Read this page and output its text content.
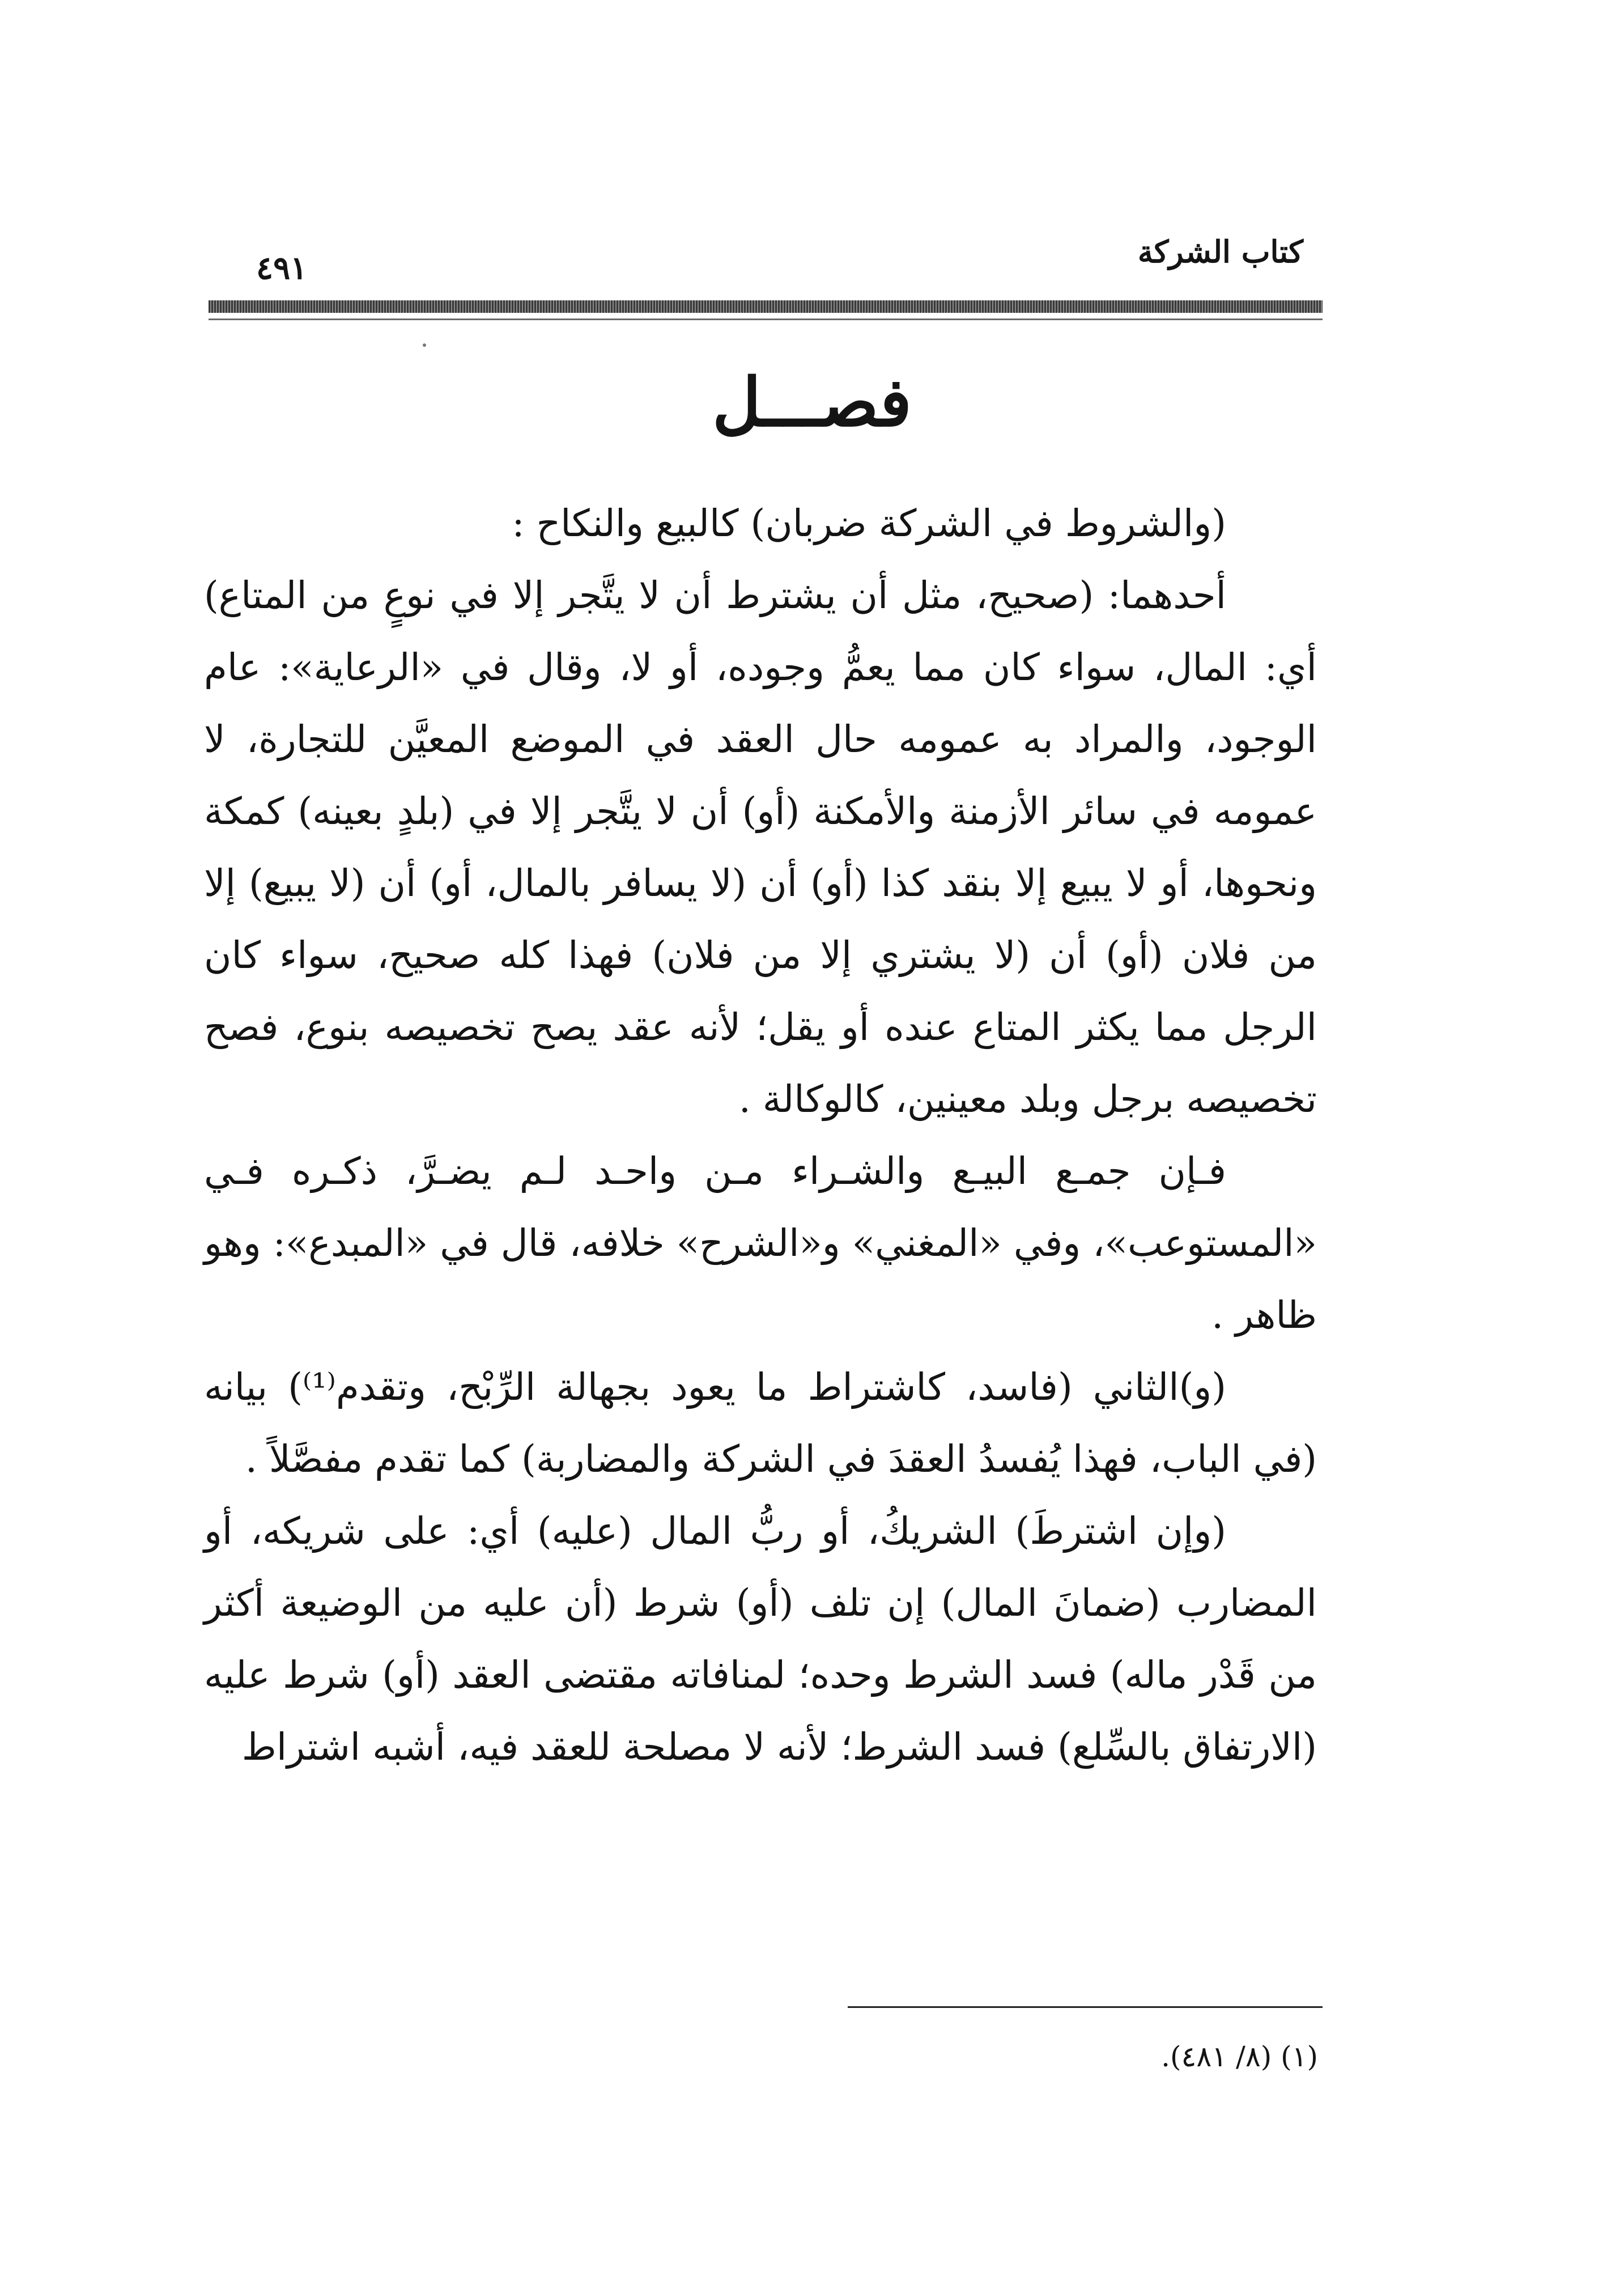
كتاب الشركة
٤٩١
فصـــل

(والشروط في الشركة ضربان) كالبيع والنكاح :

أحدهما: (صحيح، مثل أن يشترط أن لا يتَّجر إلا في نوعٍ من المتاع) أي: المال، سواء كان مما يعمُّ وجوده، أو لا، وقال في «الرعاية»: عام الوجود، والمراد به عمومه حال العقد في الموضع المعيَّن للتجارة، لا عمومه في سائر الأزمنة والأمكنة (أو) أن لا يتَّجر إلا في (بلدٍ بعينه) كمكة ونحوها، أو لا يبيع إلا بنقد كذا (أو) أن (لا يسافر بالمال، أو) أن (لا يبيع) إلا من فلان (أو) أن (لا يشتري إلا من فلان) فهذا كله صحيح، سواء كان الرجل مما يكثر المتاع عنده أو يقل؛ لأنه عقد يصح تخصيصه بنوع، فصح تخصيصه برجل وبلد معينين، كالوكالة .

فـإن جمـع البيـع والشـراء مـن واحـد لـم يضـرَّ، ذكـره فـي «المستوعب»، وفي «المغني» و«الشرح» خلافه، قال في «المبدع»: وهو ظاهر .

(و)الثاني (فاسد، كاشتراط ما يعود بجهالة الرِّبْح، وتقدم⁽¹⁾) بيانه (في الباب، فهذا يُفسدُ العقدَ في الشركة والمضاربة) كما تقدم مفصَّلاً .

(وإن اشترطَ) الشريكُ، أو ربُّ المال (عليه) أي: على شريكه، أو المضارب (ضمانَ المال) إن تلف (أو) شرط (أن عليه من الوضيعة أكثر من قَدْر ماله) فسد الشرط وحده؛ لمنافاته مقتضى العقد (أو) شرط عليه (الارتفاق بالسِّلع) فسد الشرط؛ لأنه لا مصلحة للعقد فيه، أشبه اشتراط

(١) (٨/ ٤٨١).
